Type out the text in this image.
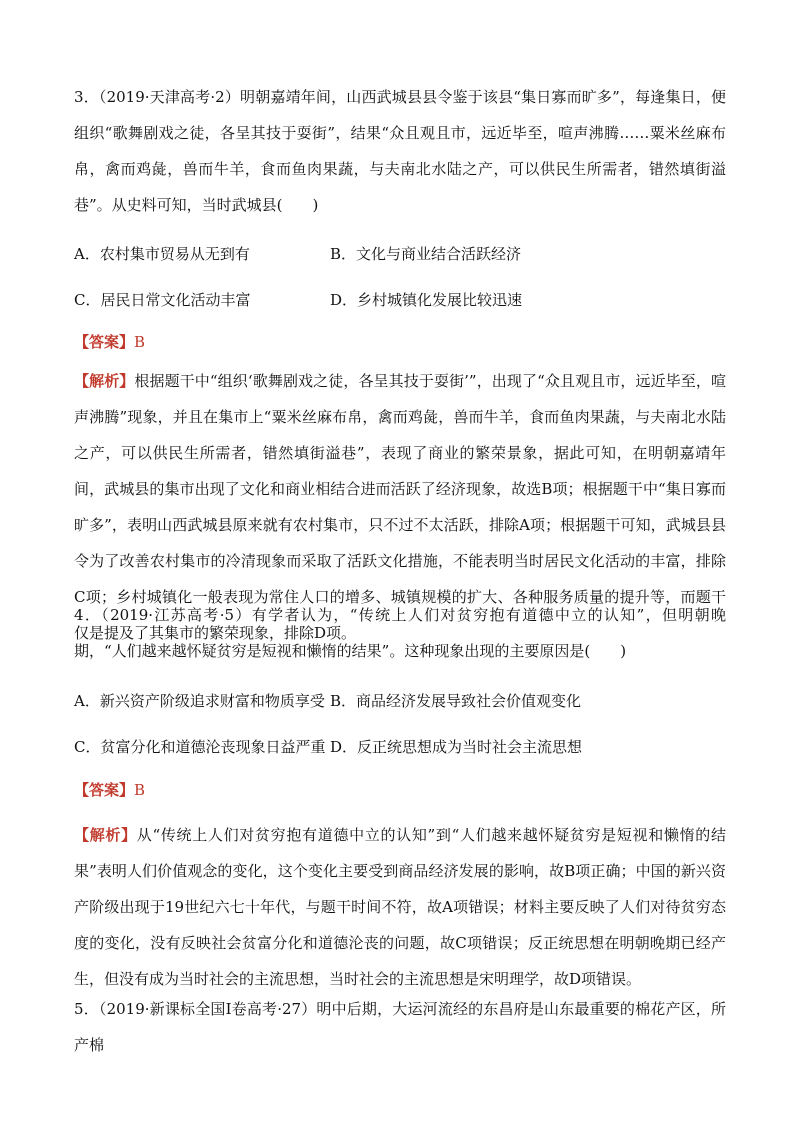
3．（2019·天津高考·2）明朝嘉靖年间，山西武城县县令鉴于该县“集日寡而旷多”，每逢集日，便组织“歌舞剧戏之徒，各呈其技于耍街”，结果“众且观且市，远近毕至，喧声沸腾……粟米丝麻布帛，禽而鸡彘，兽而牛羊，食而鱼肉果蔬，与夫南北水陆之产，可以供民生所需者，错然填街溢巷”。从史料可知，当时武城县(　　)

A．农村集市贸易从无到有	B．文化与商业结合活跃经济
C．居民日常文化活动丰富	D．乡村城镇化发展比较迅速
【答案】B

【解析】根据题干中“组织‘歌舞剧戏之徒，各呈其技于耍街’”，出现了“众且观且市，远近毕至，喧声沸腾”现象，并且在集市上“粟米丝麻布帛，禽而鸡彘，兽而牛羊，食而鱼肉果蔬，与夫南北水陆之产，可以供民生所需者，错然填街溢巷”，表现了商业的繁荣景象，据此可知，在明朝嘉靖年间，武城县的集市出现了文化和商业相结合进而活跃了经济现象，故选B项；根据题干中“集日寡而旷多”，表明山西武城县原来就有农村集市，只不过不太活跃，排除A项；根据题干可知，武城县县令为了改善农村集市的冷清现象而采取了活跃文化措施，不能表明当时居民文化活动的丰富，排除C项；乡村城镇化一般表现为常住人口的增多、城镇规模的扩大、各种服务质量的提升等，而题干仅是提及了其集市的繁荣现象，排除D项。

4．（2019·江苏高考·5）有学者认为，“传统上人们对贫穷抱有道德中立的认知”，但明朝晚期，“人们越来越怀疑贫穷是短视和懒惰的结果”。这种现象出现的主要原因是(　　)

A．新兴资产阶级追求财富和物质享受 B．商品经济发展导致社会价值观变化
C．贫富分化和道德沦丧现象日益严重 D．反正统思想成为当时社会主流思想
【答案】B

【解析】从“传统上人们对贫穷抱有道德中立的认知”到“人们越来越怀疑贫穷是短视和懒惰的结果”表明人们价值观念的变化，这个变化主要受到商品经济发展的影响，故B项正确；中国的新兴资产阶级出现于19世纪六七十年代，与题干时间不符，故A项错误；材料主要反映了人们对待贫穷态度的变化，没有反映社会贫富分化和道德沦丧的问题，故C项错误；反正统思想在明朝晚期已经产生，但没有成为当时社会的主流思想，当时社会的主流思想是宋明理学，故D项错误。

5．（2019·新课标全国Ⅰ卷高考·27）明中后期，大运河流经的东昌府是山东最重要的棉花产区，所产棉
